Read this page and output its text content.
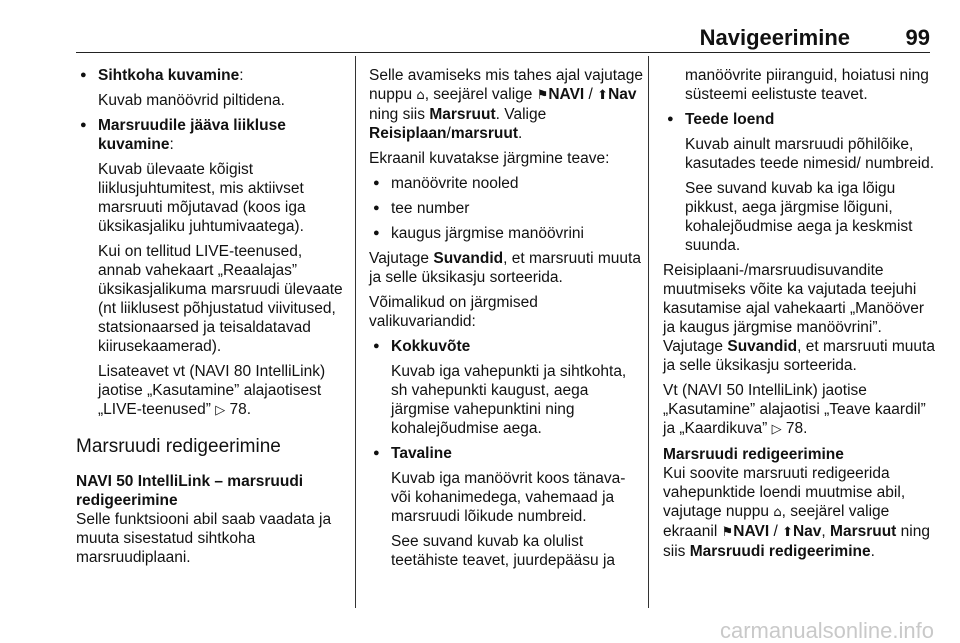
Navigeerimine	99
● Sihtkoha kuvamine:

Kuvab manöövrid piltidena.

● Marsruudile jääva liikluse kuvamine:

Kuvab ülevaate kõigist liiklusjuhtumitest, mis aktiivset marsruuti mõjutavad (koos iga üksikasjaliku juhtumivaatega).

Kui on tellitud LIVE-teenused, annab vahekaart „Reaalajas” üksikasjalikuma marsruudi ülevaate (nt liiklusest põhjustatud viivitused, statsionaarsed ja teisaldatavad kiirusekaamerad).

Lisateavet vt (NAVI 80 IntelliLink) jaotise „Kasutamine” alajaotisest „LIVE-teenused” ▷ 78.

Marsruudi redigeerimine

NAVI 50 IntelliLink – marsruudi redigeerimine

Selle funktsiooni abil saab vaadata ja muuta sisestatud sihtkoha marsruudiplaani.

Selle avamiseks mis tahes ajal vajutage nuppu ⌂, seejärel valige ⚑NAVI / ⬆Nav ning siis Marsruut. Valige Reisiplaan/marsruut.

Ekraanil kuvatakse järgmine teave:

● manöövrite nooled
● tee number
● kaugus järgmise manöövrini

Vajutage Suvandid, et marsruuti muuta ja selle üksikasju sorteerida.

Võimalikud on järgmised valikuvariandid:

● Kokkuvõte

Kuvab iga vahepunkti ja sihtkohta, sh vahepunkti kaugust, aega järgmise vahepunktini ning kohalejõudmise aega.

● Tavaline

Kuvab iga manöövrit koos tänava- või kohanimedega, vahemaad ja marsruudi lõikude numbreid.

See suvand kuvab ka olulist teetähiste teavet, juurdepääsu ja

manöövrite piiranguid, hoiatusi ning süsteemi eelistuste teavet.

● Teede loend

Kuvab ainult marsruudi põhilõike, kasutades teede nimesid/ numbreid.

See suvand kuvab ka iga lõigu pikkust, aega järgmise lõiguni, kohalejõudmise aega ja keskmist suunda.

Reisiplaani-/marsruudisuvandite muutmiseks võite ka vajutada teejuhi kasutamise ajal vahekaarti „Manööver ja kaugus järgmise manöövrini”. Vajutage Suvandid, et marsruuti muuta ja selle üksikasju sorteerida.

Vt (NAVI 50 IntelliLink) jaotise „Kasutamine” alajaotisi „Teave kaardil” ja „Kaardikuva” ▷ 78.

Marsruudi redigeerimine

Kui soovite marsruuti redigeerida vahepunktide loendi muutmise abil, vajutage nuppu ⌂, seejärel valige ekraanil ⚑NAVI / ⬆Nav, Marsruut ning siis Marsruudi redigeerimine.

carmanualsonline.info
